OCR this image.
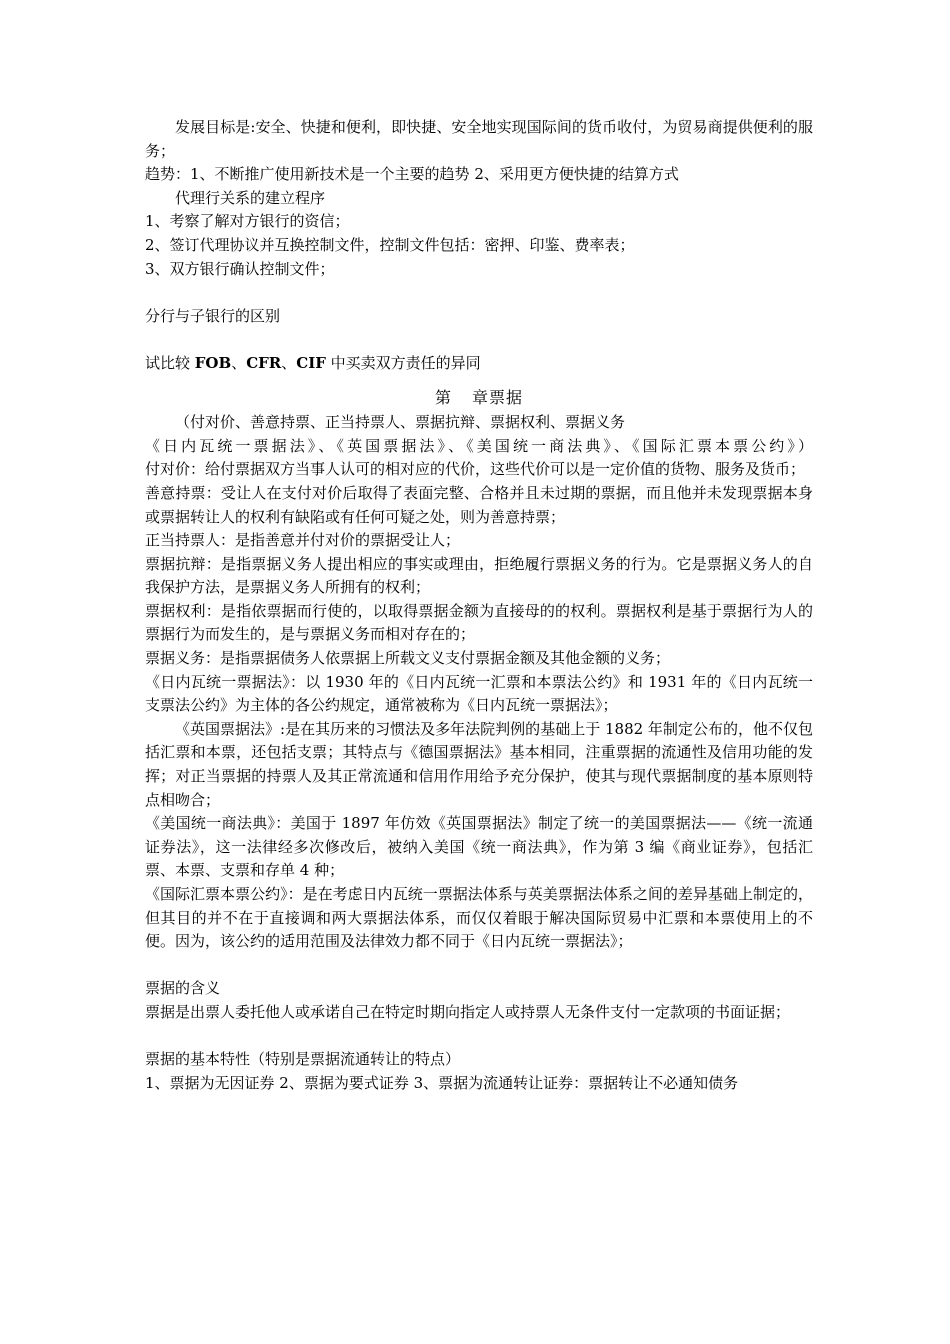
发展目标是:安全、快捷和便利，即快捷、安全地实现国际间的货币收付，为贸易商提供便利的服务；

趋势：1、不断推广使用新技术是一个主要的趋势 2、采用更方便快捷的结算方式

代理行关系的建立程序

1、考察了解对方银行的资信；

2、签订代理协议并互换控制文件，控制文件包括：密押、印鉴、费率表；

3、双方银行确认控制文件；

分行与子银行的区别

试比较 FOB、CFR、CIF 中买卖双方责任的异同

第 章票据

（付对价、善意持票、正当持票人、票据抗辩、票据权利、票据义务

《日内瓦统一票据法》、《英国票据法》、《美国统一商法典》、《国际汇票本票公约》）

付对价：给付票据双方当事人认可的相对应的代价，这些代价可以是一定价值的货物、服务及货币；

善意持票：受让人在支付对价后取得了表面完整、合格并且未过期的票据，而且他并未发现票据本身或票据转让人的权利有缺陷或有任何可疑之处，则为善意持票；

正当持票人：是指善意并付对价的票据受让人；

票据抗辩：是指票据义务人提出相应的事实或理由，拒绝履行票据义务的行为。它是票据义务人的自我保护方法，是票据义务人所拥有的权利；

票据权利：是指依票据而行使的，以取得票据金额为直接母的的权利。票据权利是基于票据行为人的票据行为而发生的，是与票据义务而相对存在的；

票据义务：是指票据债务人依票据上所载文义支付票据金额及其他金额的义务；

《日内瓦统一票据法》：以 1930 年的《日内瓦统一汇票和本票法公约》和 1931 年的《日内瓦统一支票法公约》为主体的各公约规定，通常被称为《日内瓦统一票据法》；

《英国票据法》:是在其历来的习惯法及多年法院判例的基础上于 1882 年制定公布的，他不仅包括汇票和本票，还包括支票；其特点与《德国票据法》基本相同，注重票据的流通性及信用功能的发挥；对正当票据的持票人及其正常流通和信用作用给予充分保护，使其与现代票据制度的基本原则特点相吻合；

《美国统一商法典》：美国于 1897 年仿效《英国票据法》制定了统一的美国票据法——《统一流通证券法》，这一法律经多次修改后，被纳入美国《统一商法典》，作为第 3 编《商业证券》，包括汇票、本票、支票和存单 4 种；

《国际汇票本票公约》：是在考虑日内瓦统一票据法体系与英美票据法体系之间的差异基础上制定的，但其目的并不在于直接调和两大票据法体系，而仅仅着眼于解决国际贸易中汇票和本票使用上的不便。因为，该公约的适用范围及法律效力都不同于《日内瓦统一票据法》；

票据的含义

票据是出票人委托他人或承诺自己在特定时期向指定人或持票人无条件支付一定款项的书面证据；

票据的基本特性（特别是票据流通转让的特点）

1、票据为无因证券 2、票据为要式证券 3、票据为流通转让证券：票据转让不必通知债务
